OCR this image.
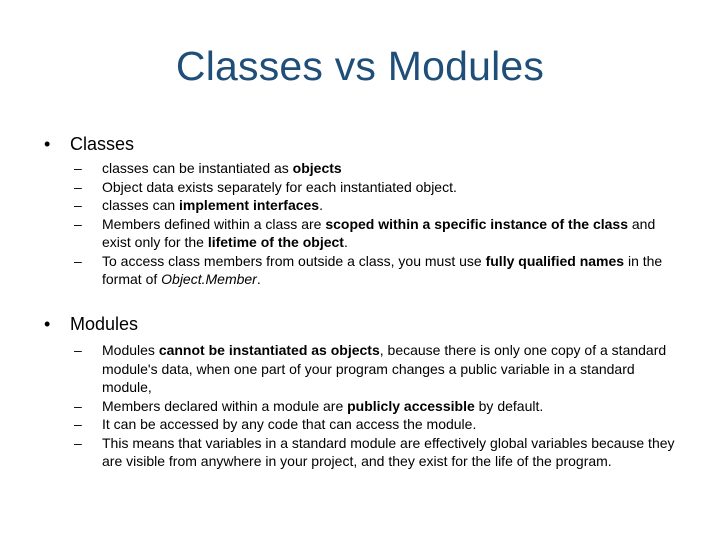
Classes vs Modules
• Classes
– classes can be instantiated as objects
– Object data exists separately for each instantiated object.
– classes can implement interfaces.
– Members defined within a class are scoped within a specific instance of the class and exist only for the lifetime of the object.
– To access class members from outside a class, you must use fully qualified names in the format of Object.Member.
• Modules
– Modules cannot be instantiated as objects, because there is only one copy of a standard module's data, when one part of your program changes a public variable in a standard module,
– Members declared within a module are publicly accessible by default.
– It can be accessed by any code that can access the module.
– This means that variables in a standard module are effectively global variables because they are visible from anywhere in your project, and they exist for the life of the program.
